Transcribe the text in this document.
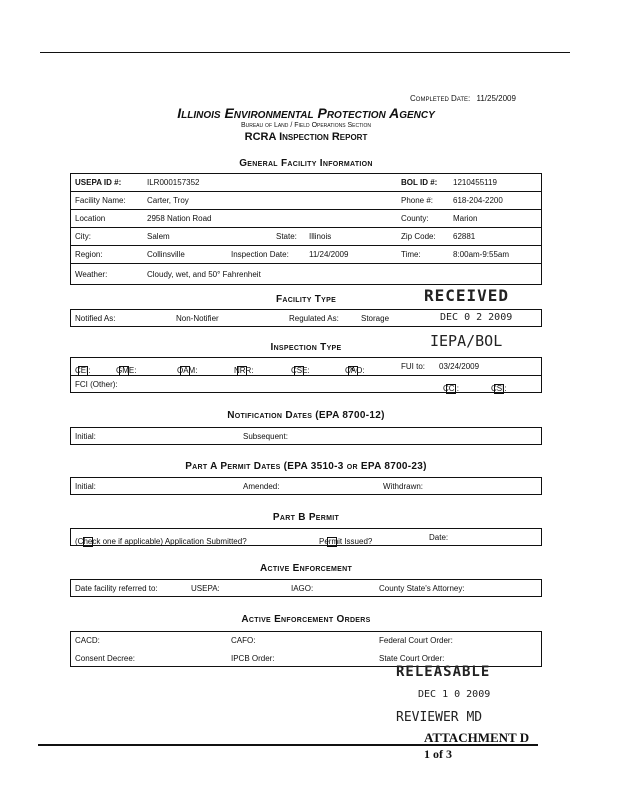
Completed Date: 11/25/2009
Illinois Environmental Protection Agency
Bureau of Land / Field Operations Section
RCRA Inspection Report
General Facility Information
USEPA ID #:	ILR000157352	BOL ID #: 1210455119
Facility Name:	Carter, Troy	Phone #: 618-204-2200
Location	2958 Nation Road	County:	Marion
City:	Salem	State: Illinois	Zip Code: 62881
Region:	Collinsville	Inspection Date:	11/24/2009	Time:	8:00am-9:55am
Weather:	Cloudy, wet, and 50° Fahrenheit
Facility Type	RECEIVED
Notified As:	Non-Notifier	Regulated As:	Storage	DEC 0 2 2009
IEPA/BOL
Inspection Type
CEI:	GME:	OAM:	NRR:	CSE:	CAO:
×	FUI to: 03/24/2009
FCI (Other):	CCI:	CSI:
Notification Dates (EPA 8700-12)
Initial:	Subsequent:
Part A Permit Dates (EPA 3510-3 or EPA 8700-23)
Initial:	Amended:	Withdrawn:
Part B Permit
(Check one if applicable) Application Submitted?	Permit Issued?	Date:
Active Enforcement
Date facility referred to:	USEPA:	IAGO:	County State's Attorney:
Active Enforcement Orders
CACD:	CAFO:	Federal Court Order:
Consent Decree:	IPCB Order:	State Court Order:
RELEASABLE
DEC 1 0 2009
REVIEWER MD
ATTACHMENT D
1 of 3
